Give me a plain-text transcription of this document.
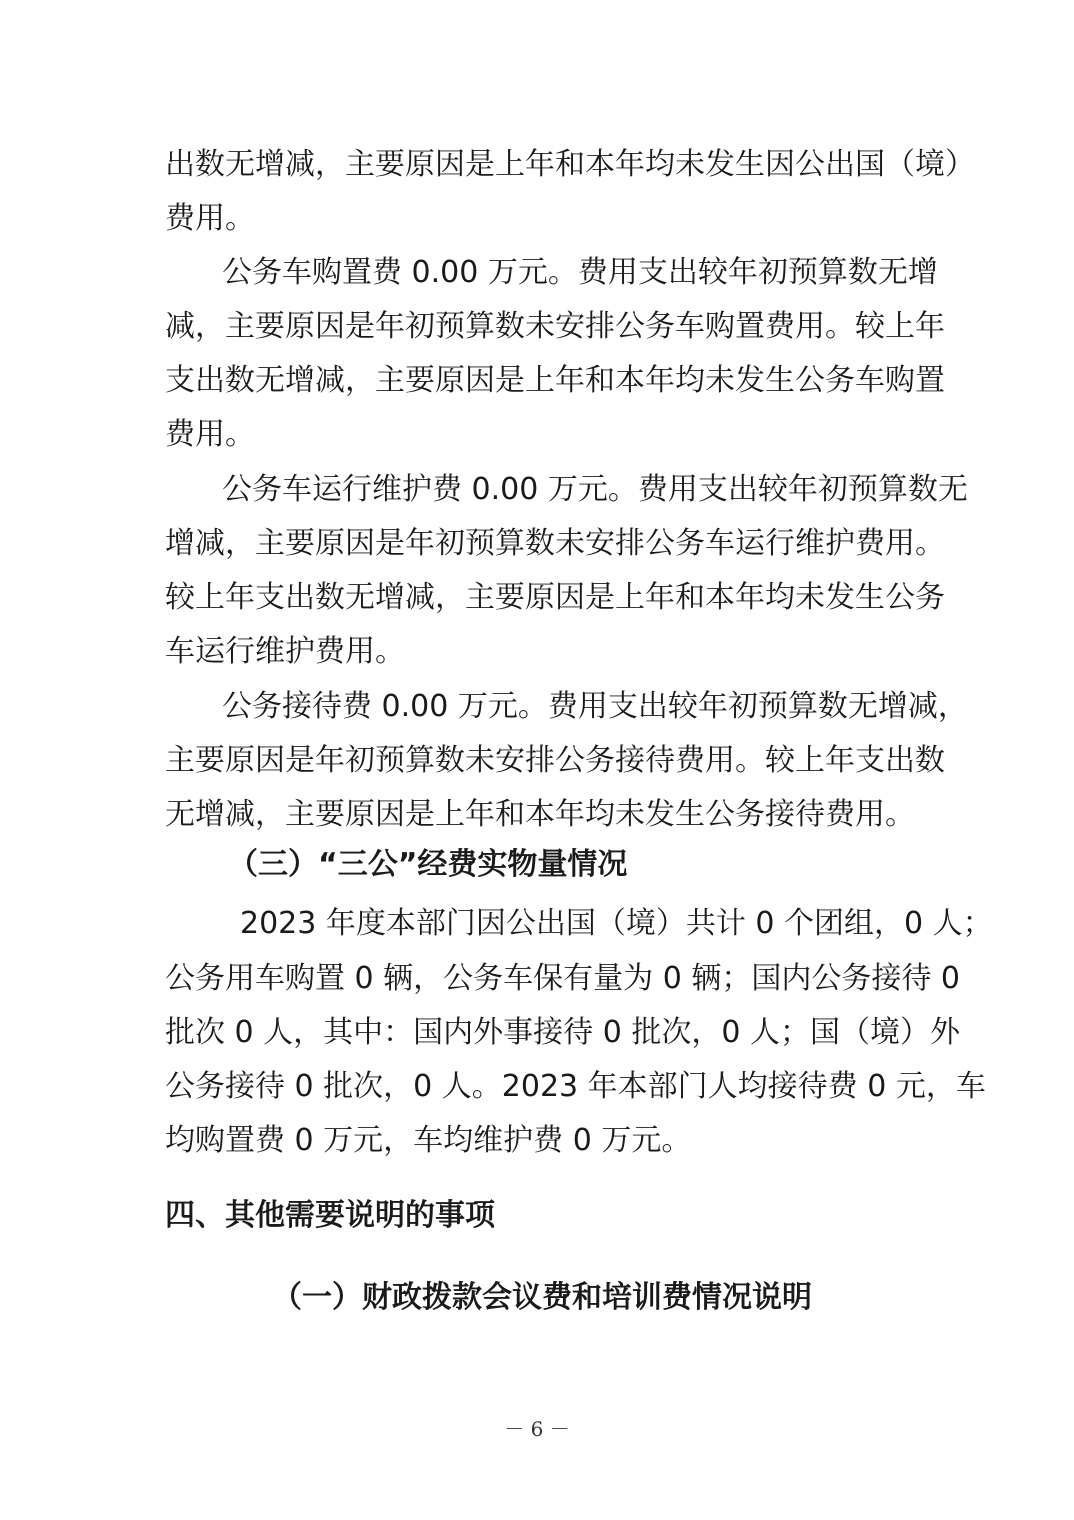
出数无增减，主要原因是上年和本年均未发生因公出国（境）
费用。
公务车购置费 0.00 万元。费用支出较年初预算数无增
减，主要原因是年初预算数未安排公务车购置费用。较上年
支出数无增减，主要原因是上年和本年均未发生公务车购置
费用。
公务车运行维护费 0.00 万元。费用支出较年初预算数无
增减，主要原因是年初预算数未安排公务车运行维护费用。
较上年支出数无增减，主要原因是上年和本年均未发生公务
车运行维护费用。
公务接待费 0.00 万元。费用支出较年初预算数无增减，
主要原因是年初预算数未安排公务接待费用。较上年支出数
无增减，主要原因是上年和本年均未发生公务接待费用。
（三）“三公”经费实物量情况
2023 年度本部门因公出国（境）共计 0 个团组，0 人；
公务用车购置 0 辆，公务车保有量为 0 辆；国内公务接待 0
批次 0 人，其中：国内外事接待 0 批次，0 人；国（境）外
公务接待 0 批次，0 人。2023 年本部门人均接待费 0 元，车
均购置费 0 万元，车均维护费 0 万元。
四、其他需要说明的事项
（一）财政拨款会议费和培训费情况说明
－ 6 －
